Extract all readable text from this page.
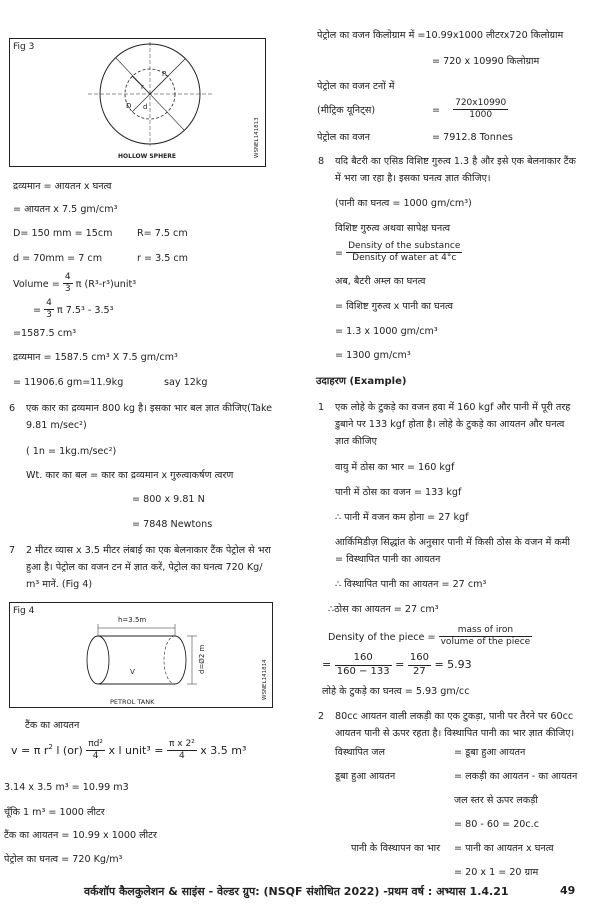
Fig 3
R
r
D d
HOLLOW SPHERE	WSNEL141813
द्रव्यमान = आयतन x घनत्व
= आयतन x 7.5 gm/cm³
D= 150 mm = 15cm	R= 7.5 cm
d = 70mm = 7 cm	r = 3.5 cm
Volume = $\frac{4}{3}$ π (R³-r³)unit³
= $\frac{4}{3}$ π 7.5³ - 3.5³
=1587.5 cm³
द्रव्यमान = 1587.5 cm³ X 7.5 gm/cm³
= 11906.6 gm=11.9kg	say 12kg
6 एक कार का द्रव्यमान 800 kg है। इसका भार बल ज्ञात कीजिए(Take
9.81 m/sec²)
( 1n = 1kg.m/sec²)
Wt. कार का बल = कार का द्रव्यमान x गुरुत्वाकर्षण त्वरण
= 800 x 9.81 N
= 7848 Newtons
7 2 मीटर व्यास x 3.5 मीटर लंबाई का एक बेलनाकार टैंक पेट्रोल से भरा
हुआ है। पेट्रोल का वजन टन में ज्ञात करें, पेट्रोल का घनत्व 720 Kg/
m³ मानें. (Fig 4)
Fig 4
h=3.5m
d=Ø2 m
V
PETROL TANK
WSNEL141814
टैंक का आयतन
v = π $r^2$ l $(or) \frac{\text{πd²}}{4}$ x l unit³ = $\frac{\text{π x 2²}}{4}$ x 3.5 m³
3.14 x 3.5 m³ = 10.99 m3
चूँकि 1 m³ = 1000 लीटर
टैंक का आयतन = 10.99 x 1000 लीटर
पेट्रोल का घनत्व = 720 Kg/m³
पेट्रोल का वजन किलोग्राम में =10.99x1000 लीटरx720 किलोग्राम
= 720 x 10990 किलोग्राम
पेट्रोल का वजन टनों में
(मीट्रिक यूनिट्स)	= $\frac{720x10990}{1000}$
पेट्रोल का वजन	= 7912.8 Tonnes
8 यदि बैटरी का एसिड विशिष्ट गुरुत्व 1.3 है और इसे एक बेलनाकार टैंक
में भरा जा रहा है। इसका घनत्व ज्ञात कीजिए।
(पानी का घनत्व = 1000 gm/cm³)
विशिष्ट गुरुत्व अथवा सापेक्ष घनत्व
= $\frac{\text{Density of the substance}}{\text{Density of water at 4°c}}$
अब, बैटरी अम्ल का घनत्व
= विशिष्ट गुरुत्व x पानी का घनत्व
= 1.3 x 1000 gm/cm³
= 1300 gm/cm³
उदाहरण (Example)
1 एक लोहे के टुकड़े का वजन हवा में 160 kgf और पानी में पूरी तरह
डुबाने पर 133 kgf होता है। लोहे के टुकड़े का आयतन और घनत्व
ज्ञात कीजिए
वायु में ठोस का भार = 160 kgf
पानी में ठोस का वजन = 133 kgf
∴ पानी में वजन कम होना = 27 kgf
आर्किमिडीज़ सिद्धांत के अनुसार पानी में किसी ठोस के वजन में कमी
= विस्थापित पानी का आयतन
∴ विस्थापित पानी का आयतन = 27 cm³
∴ठोस का आयतन = 27 cm³
Density of the piece = $\frac{\text{mass of iron}}{\text{volume of the piece}}$
= $\frac{160}{160 - 133} = \frac{160}{27} = 5.93$
लोहे के टुकड़े का घनत्व = 5.93 gm/cc
2 80cc आयतन वाली लकड़ी का एक टुकड़ा, पानी पर तैरने पर 60cc
आयतन पानी से ऊपर रहता है। विस्थापित पानी का भार ज्ञात कीजिए।
विस्थापित जल	= डूबा हुआ आयतन
डूबा हुआ आयतन	= लकड़ी का आयतन - का आयतन
जल स्तर से ऊपर लकड़ी
= 80 - 60 = 20c.c
पानी के विस्थापन का भार = पानी का आयतन x घनत्व
= 20 x 1 = 20 ग्राम
वर्कशॉप कैलकुलेशन & साइंस - वेल्डर ग्रुप: (NSQF संशोधित 2022) -प्रथम वर्ष : अभ्यास 1.4.21	49
